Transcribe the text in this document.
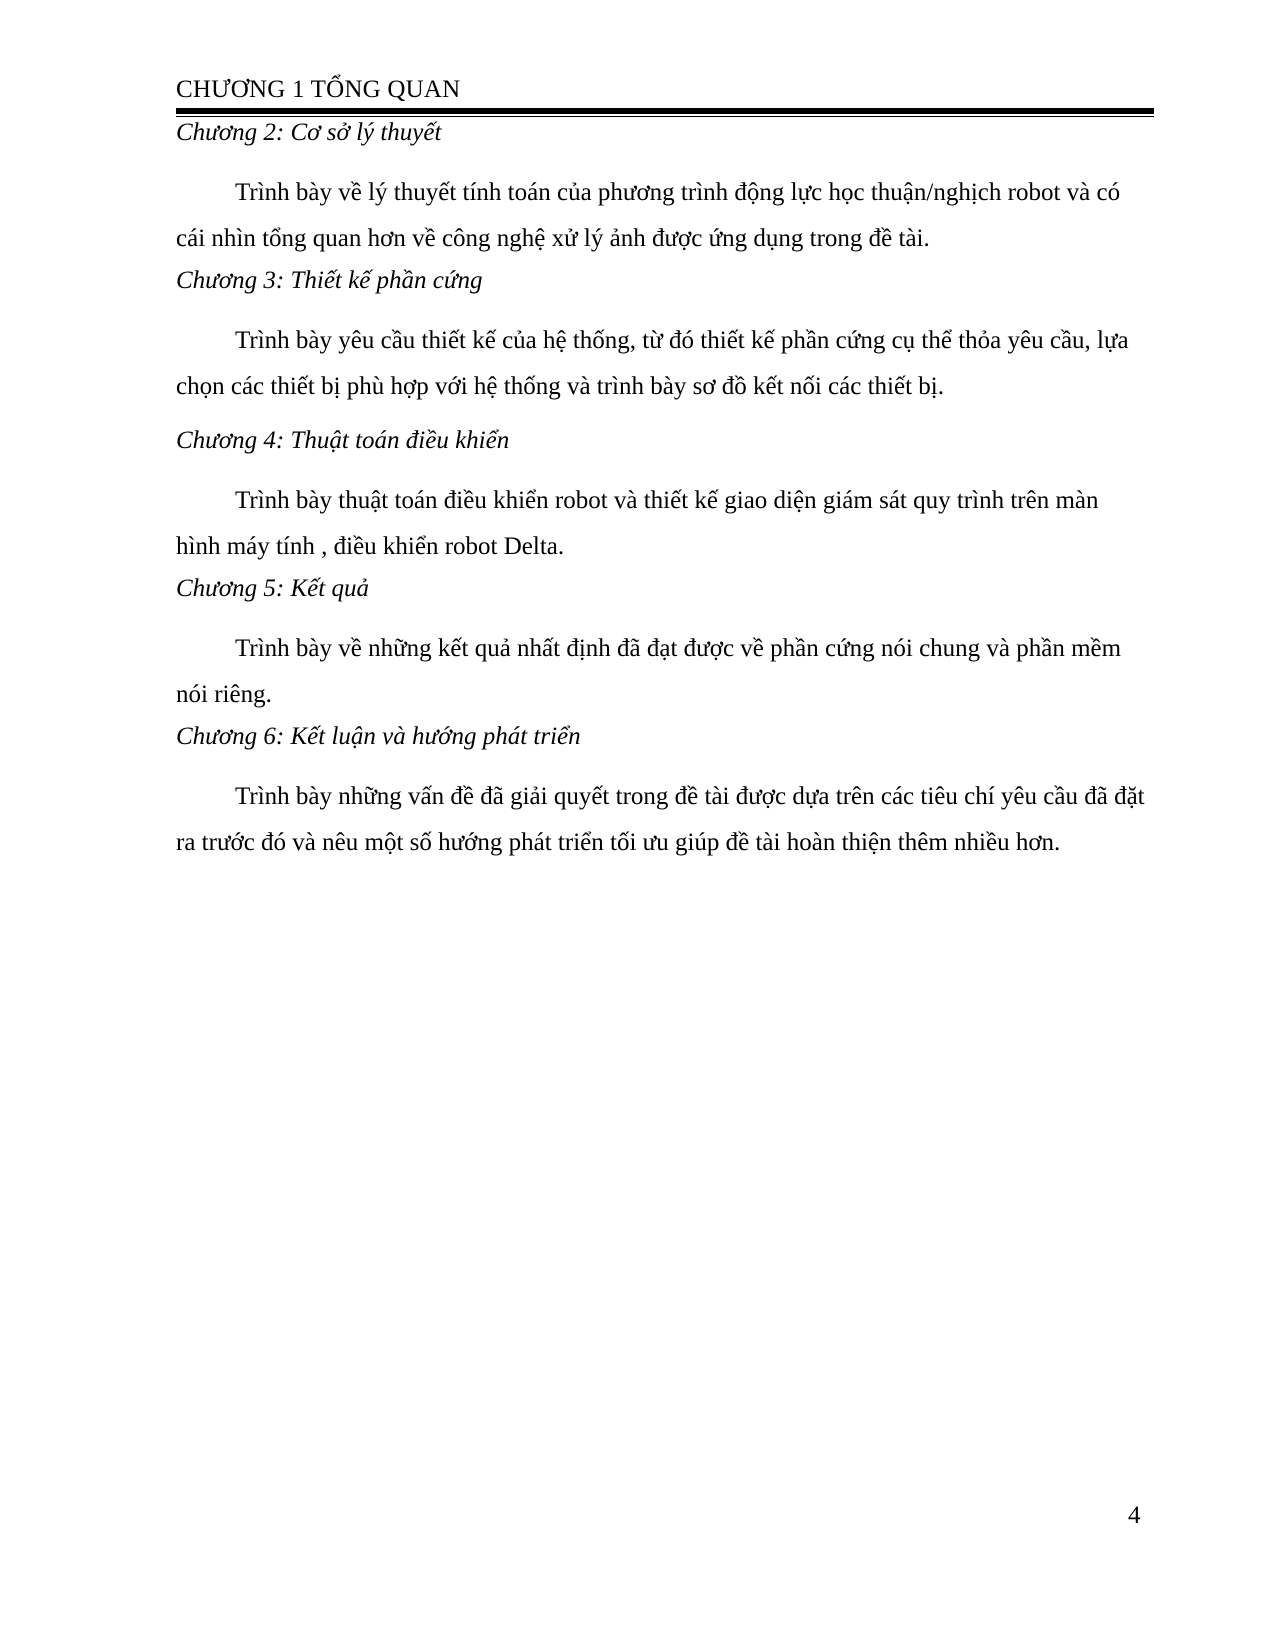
CHƯƠNG 1 TỔNG QUAN
Chương 2: Cơ sở lý thuyết

Trình bày về lý thuyết tính toán của phương trình động lực học thuận/nghịch robot và có cái nhìn tổng quan hơn về công nghệ xử lý ảnh được ứng dụng trong đề tài.

Chương 3: Thiết kế phần cứng

Trình bày yêu cầu thiết kế của hệ thống, từ đó thiết kế phần cứng cụ thể thỏa yêu cầu, lựa chọn các thiết bị phù hợp với hệ thống và trình bày sơ đồ kết nối các thiết bị.

Chương 4: Thuật toán điều khiển

Trình bày thuật toán điều khiển robot và thiết kế giao diện giám sát quy trình trên màn hình máy tính , điều khiển robot Delta.

Chương 5: Kết quả

Trình bày về những kết quả nhất định đã đạt được về phần cứng nói chung và phần mềm nói riêng.

Chương 6: Kết luận và hướng phát triển

Trình bày những vấn đề đã giải quyết trong đề tài được dựa trên các tiêu chí yêu cầu đã đặt ra trước đó và nêu một số hướng phát triển tối ưu giúp đề tài hoàn thiện thêm nhiều hơn.

4
